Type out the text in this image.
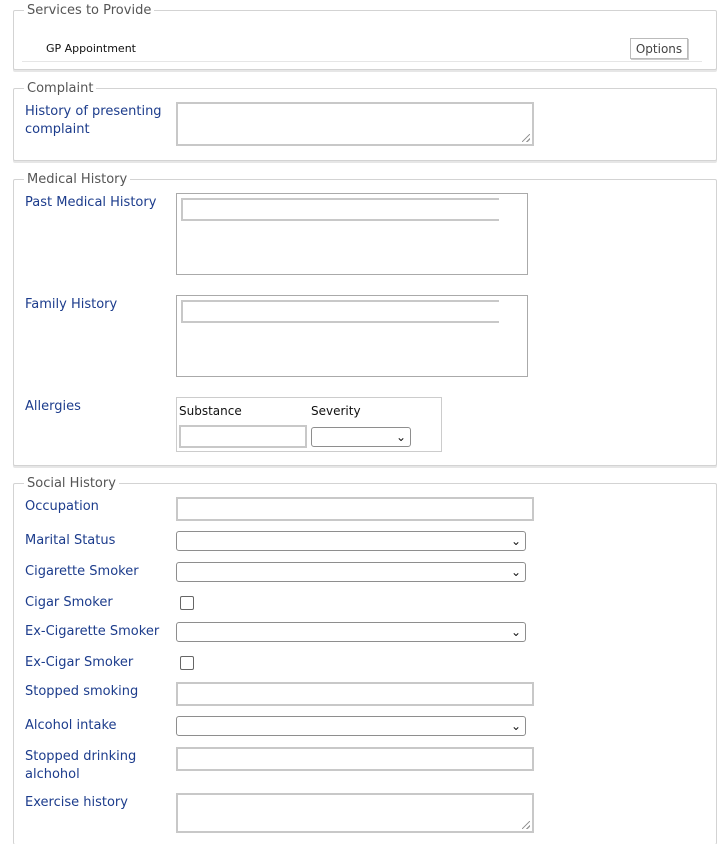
Services to Provide
GP Appointment	Options
Complaint
History of presenting complaint
Medical History
Past Medical History
Family History
Allergies	Substance	Severity
⌄
Social History
Occupation
Marital Status	⌄
Cigarette Smoker	⌄
Cigar Smoker
Ex-Cigarette Smoker	⌄
Ex-Cigar Smoker
Stopped smoking
Alcohol intake	⌄
Stopped drinking alchohol
Exercise history
